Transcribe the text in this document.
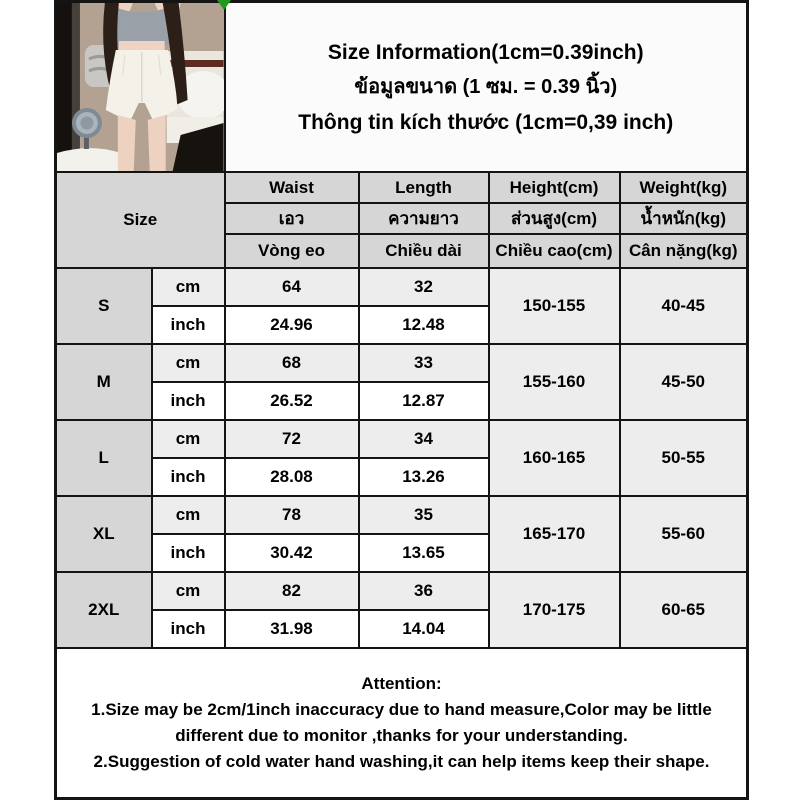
Size Information(1cm=0.39inch)
ข้อมูลขนาด (1 ซม. = 0.39 นิ้ว)
Thông tin kích thước (1cm=0,39 inch)			

Size		Waist	Length	Height(cm)	Weight(kg)
		เอว	ความยาว	ส่วนสูง(cm)	น้ำหนัก(kg)
		Vòng eo	Chiều dài	Chiều cao(cm)	Cân nặng(kg)
S	cm	64	32	150-155	40-45
	inch	24.96	12.48		
M	cm	68	33	155-160	45-50
	inch	26.52	12.87		
L	cm	72	34	160-165	50-55
	inch	28.08	13.26		
XL	cm	78	35	165-170	55-60
	inch	30.42	13.65		
2XL	cm	82	36	170-175	60-65
	inch	31.98	14.04		

Attention:
1.Size may be 2cm/1inch inaccuracy due to hand measure,Color may be little different due to monitor ,thanks for your understanding.
2.Suggestion of cold water hand washing,it can help items keep their shape.					
